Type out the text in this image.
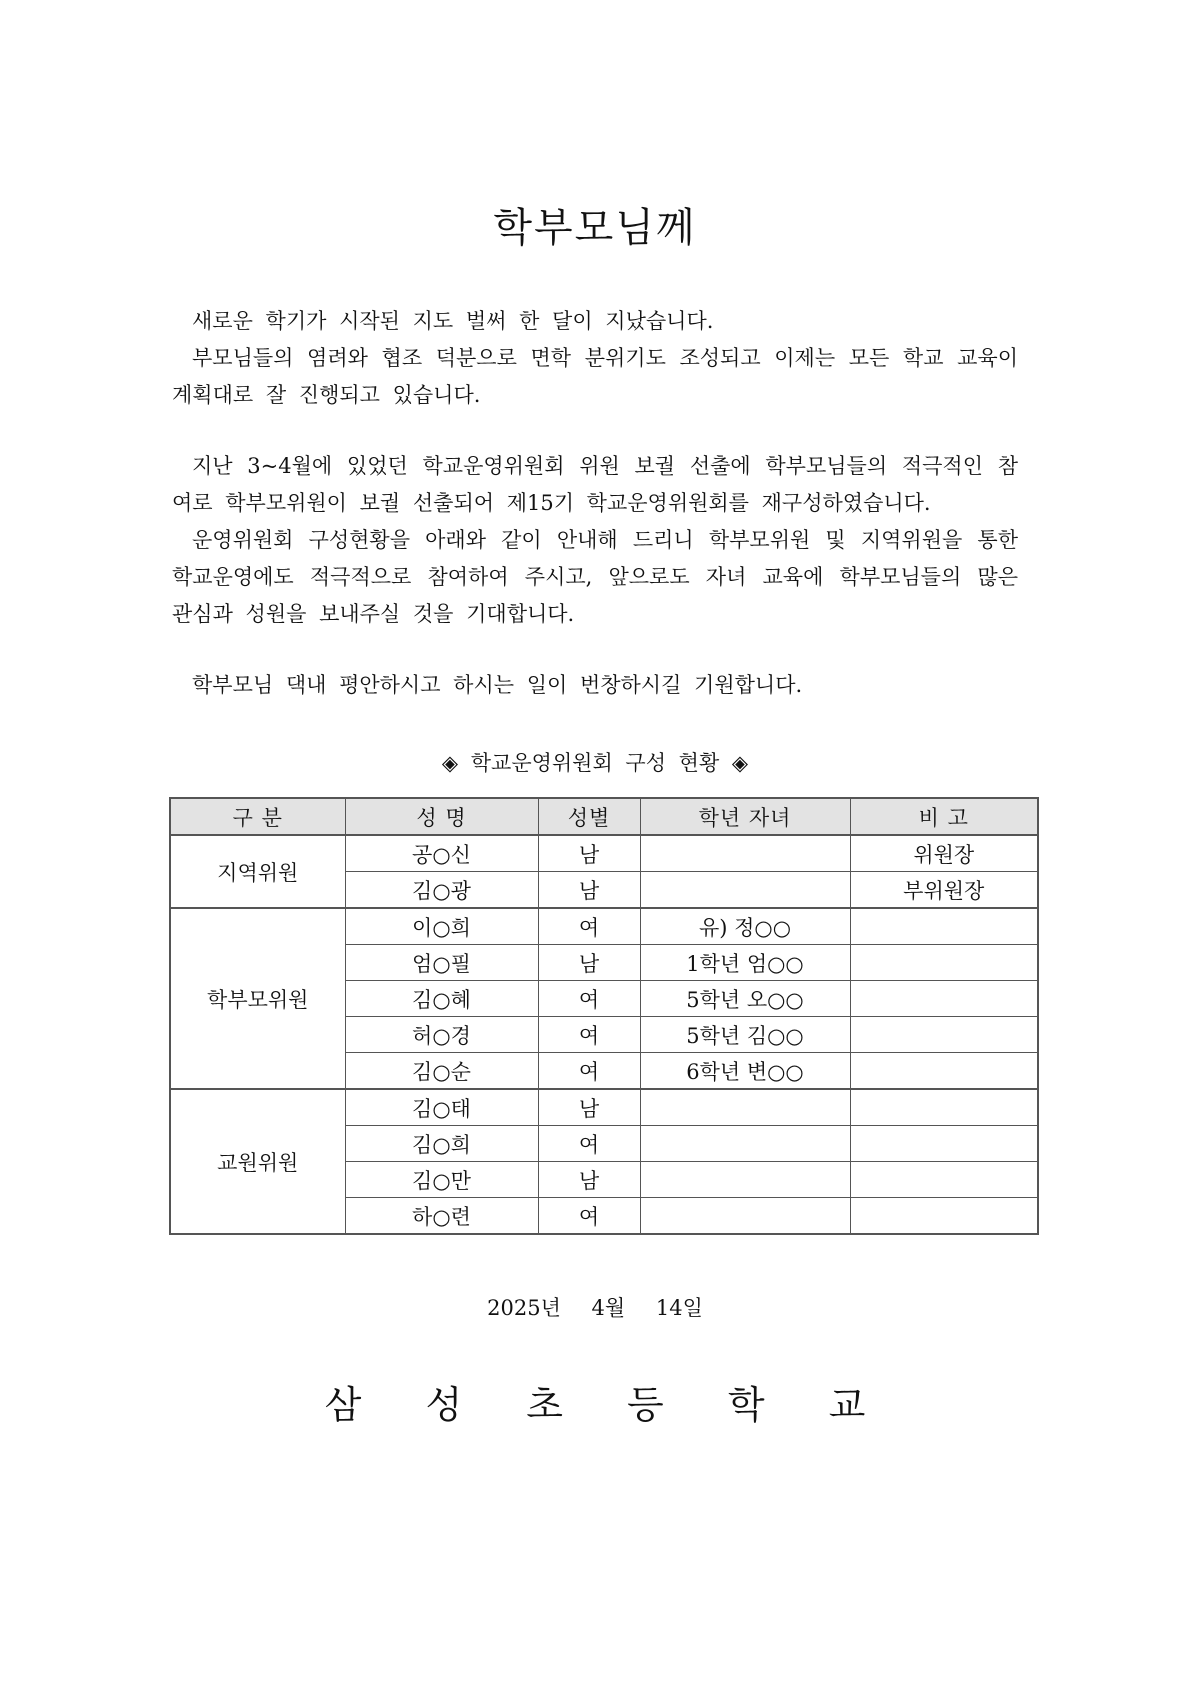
학부모님께

새로운 학기가 시작된 지도 벌써 한 달이 지났습니다.

부모님들의 염려와 협조 덕분으로 면학 분위기도 조성되고 이제는 모든 학교 교육이 계획대로 잘 진행되고 있습니다.

지난 3~4월에 있었던 학교운영위원회 위원 보궐 선출에 학부모님들의 적극적인 참여로 학부모위원이 보궐 선출되어 제15기 학교운영위원회를 재구성하였습니다.

운영위원회 구성현황을 아래와 같이 안내해 드리니 학부모위원 및 지역위원을 통한 학교운영에도 적극적으로 참여하여 주시고, 앞으로도 자녀 교육에 학부모님들의 많은 관심과 성원을 보내주실 것을 기대합니다.

학부모님 댁내 평안하시고 하시는 일이 번창하시길 기원합니다.

◈ 학교운영위원회 구성 현황 ◈
구 분	성 명	성별	학년 자녀	비 고
지역위원	공○신	남		위원장
	김○광	남		부위원장
학부모위원	이○희	여	유) 정○○	
	엄○필	남	1학년 엄○○	
	김○혜	여	5학년 오○○	
	허○경	여	5학년 김○○	
	김○순	여	6학년 변○○	
교원위원	김○태	남		
	김○희	여		
	김○만	남		
	하○련	여		
2025년 4월 14일
삼 성 초 등 학 교
